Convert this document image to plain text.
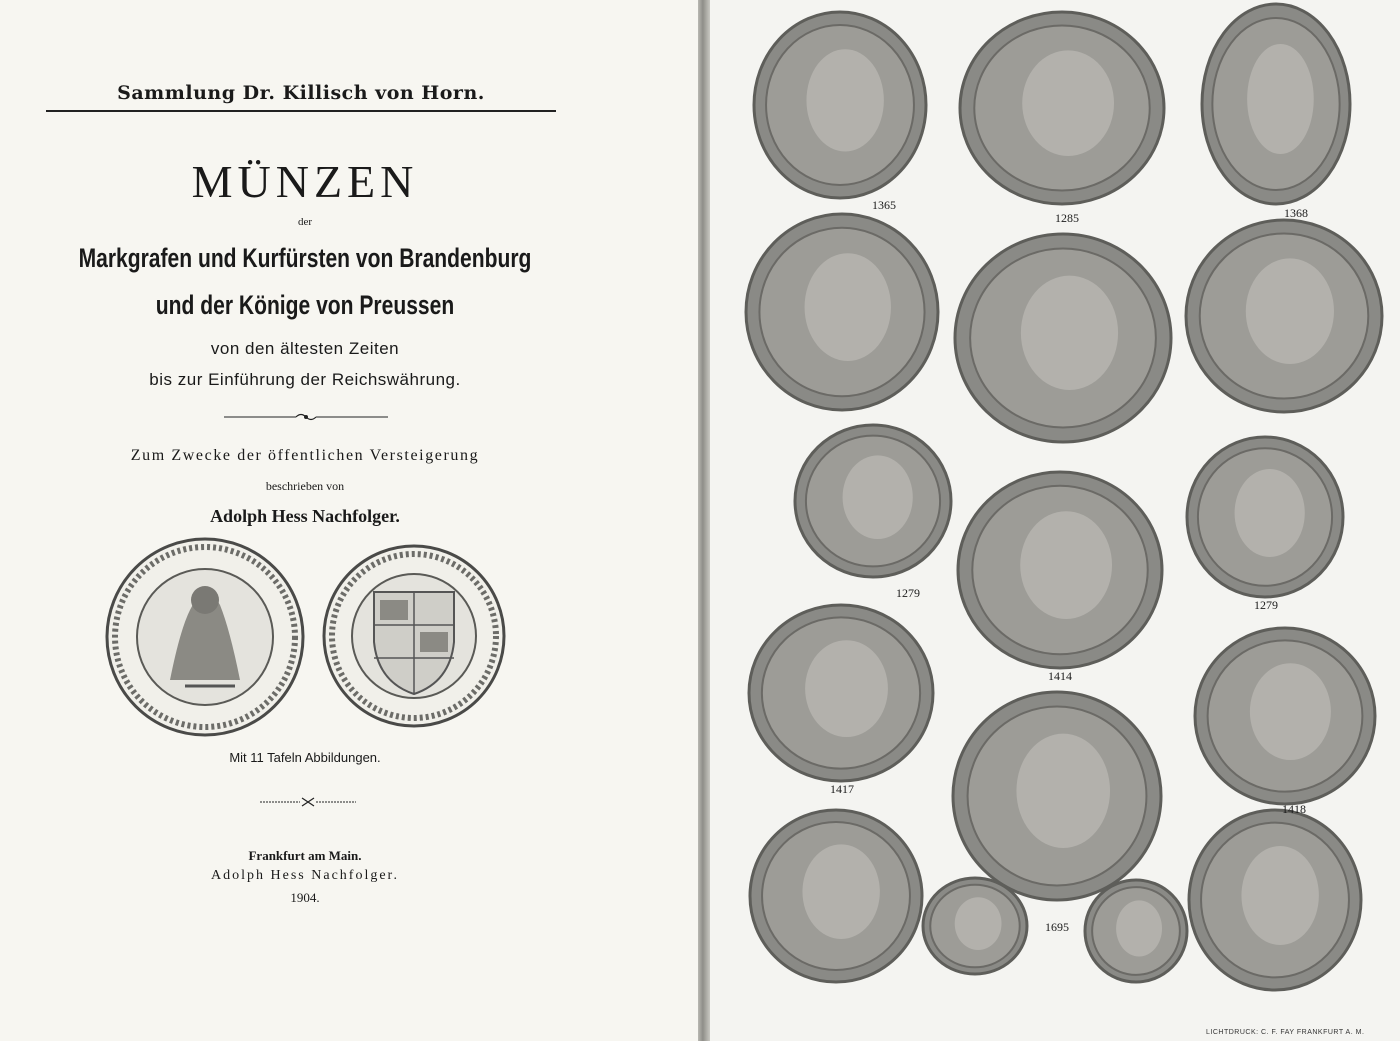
Sammlung Dr. Killisch von Horn.
MÜNZEN
der
Markgrafen und Kurfürsten von Brandenburg
und der Könige von Preussen
von den ältesten Zeiten
bis zur Einführung der Reichswährung.
Zum Zwecke der öffentlichen Versteigerung
beschrieben von
Adolph Hess Nachfolger.
Mit 11 Tafeln Abbildungen.
Frankfurt am Main.
Adolph Hess Nachfolger.
1904.
1365
1285	1368
1279
1279
1414
1417
1418
1695
LICHTDRUCK: C. F. FAY FRANKFURT A. M.
